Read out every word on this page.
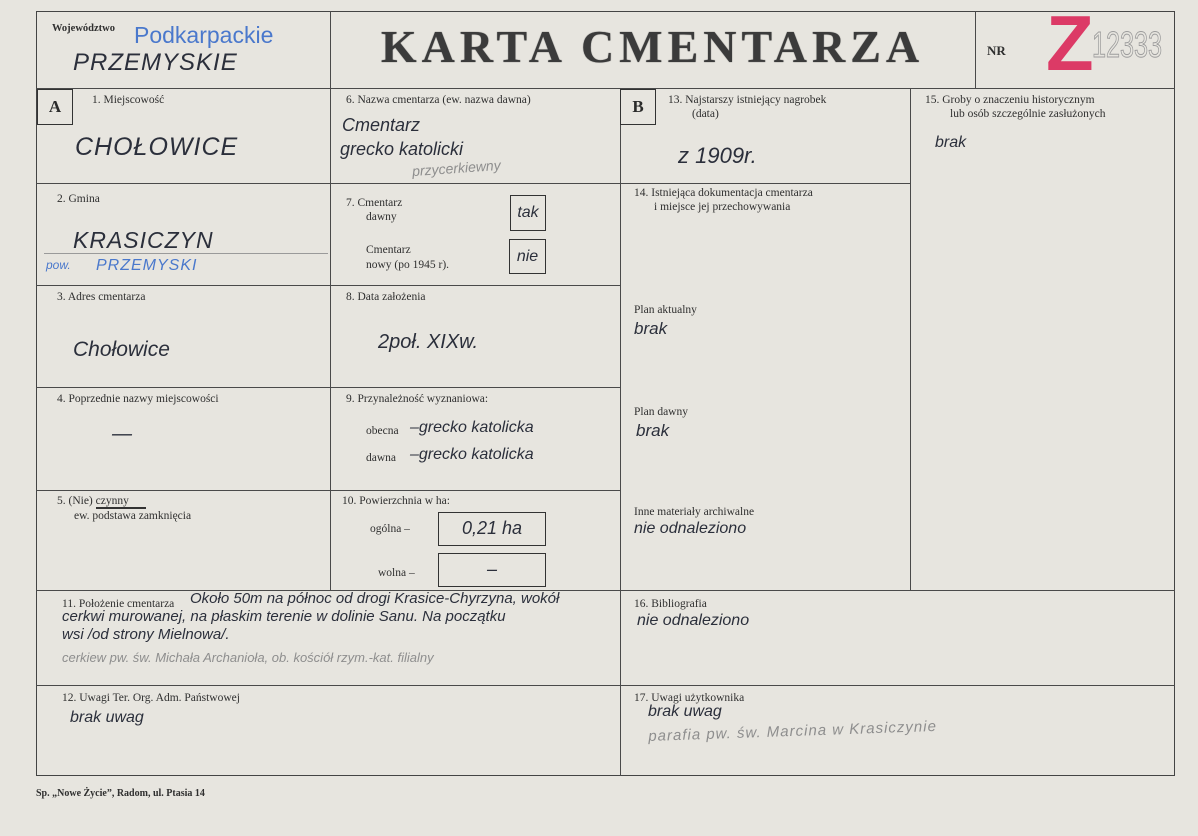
Województwo Podkarpackie
PRZEMYSKIE	KARTA CMENTARZA	NR 12333
Z
A	B
1. Miejscowość
CHOŁOWICE
6. Nazwa cmentarza (ew. nazwa dawna)
Cmentarz
grecko katolicki
przycerkiewny
13. Najstarszy istniejący nagrobek
(data)
z 1909r.
15. Groby o znaczeniu historycznym
lub osób szczególnie zasłużonych
brak
2. Gmina
KRASICZYN
pow. PRZEMYSKI
7. Cmentarz
dawny	tak
Cmentarz
nowy (po 1945 r).
nie
14. Istniejąca dokumentacja cmentarza
i miejsce jej przechowywania
Plan aktualny
brak
Plan dawny
brak
Inne materiały archiwalne
nie odnaleziono
3. Adres cmentarza
Chołowice
8. Data założenia
2poł. XIXw.
4. Poprzednie nazwy miejscowości
—
9. Przynależność wyznaniowa:
obecna –grecko katolicka
dawna –grecko katolicka
5. (Nie) czynny
ew. podstawa zamknięcia
10. Powierzchnia w ha:
ogólna –	0,21 ha
wolna –	–
11. Położenie cmentarza Około 50m na północ od drogi Krasice-Chyrzyna, wokół
cerkwi murowanej, na płaskim terenie w dolinie Sanu. Na początku
wsi /od strony Mielnowa/.
cerkiew pw. św. Michała Archanioła, ob. kościół rzym.-kat. filialny
16. Bibliografia
nie odnaleziono
12. Uwagi Ter. Org. Adm. Państwowej
brak uwag
17. Uwagi użytkownika
brak uwag
parafia pw. św. Marcina w Krasiczynie
Sp. „Nowe Życie”, Radom, ul. Ptasia 14
